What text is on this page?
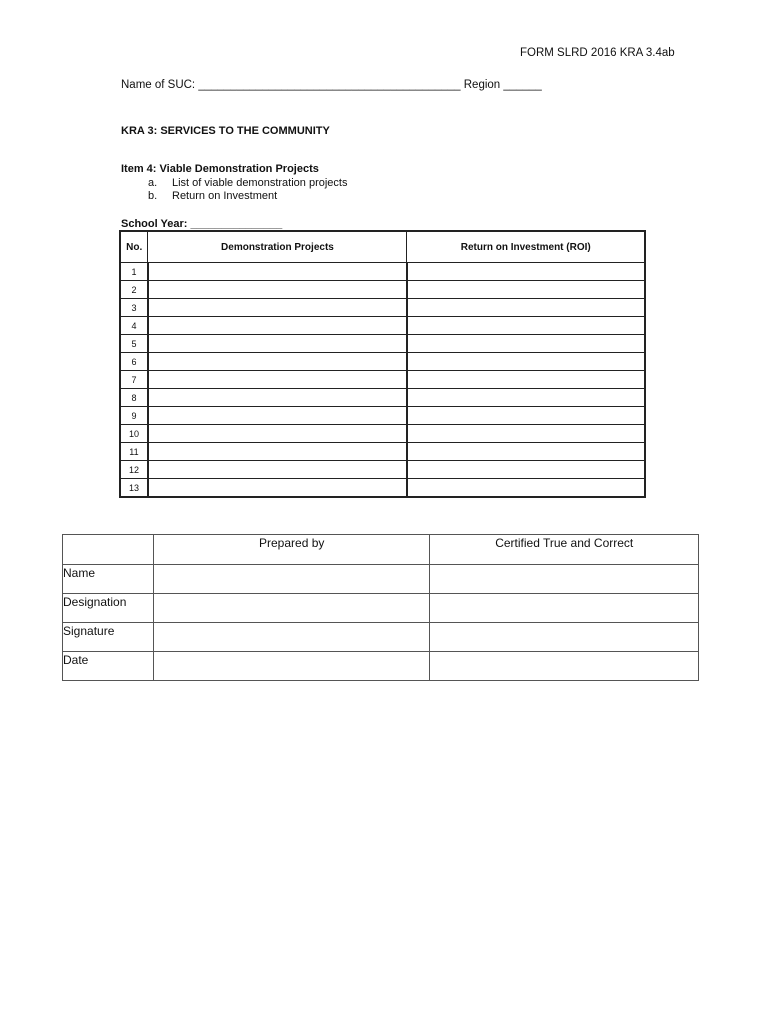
FORM SLRD 2016 KRA 3.4ab
Name of SUC: _________________________________________ Region ______
KRA 3: SERVICES TO THE COMMUNITY
Item 4: Viable Demonstration Projects
a.	List of viable demonstration projects
b.	Return on Investment
School Year: _______________
No.	Demonstration Projects	Return on Investment (ROI)
1		
2		
3		
4		
5		
6		
7		
8		
9		
10		
11		
12		
13		
	Prepared by	Certified True and Correct
Name		
Designation		
Signature		
Date		
